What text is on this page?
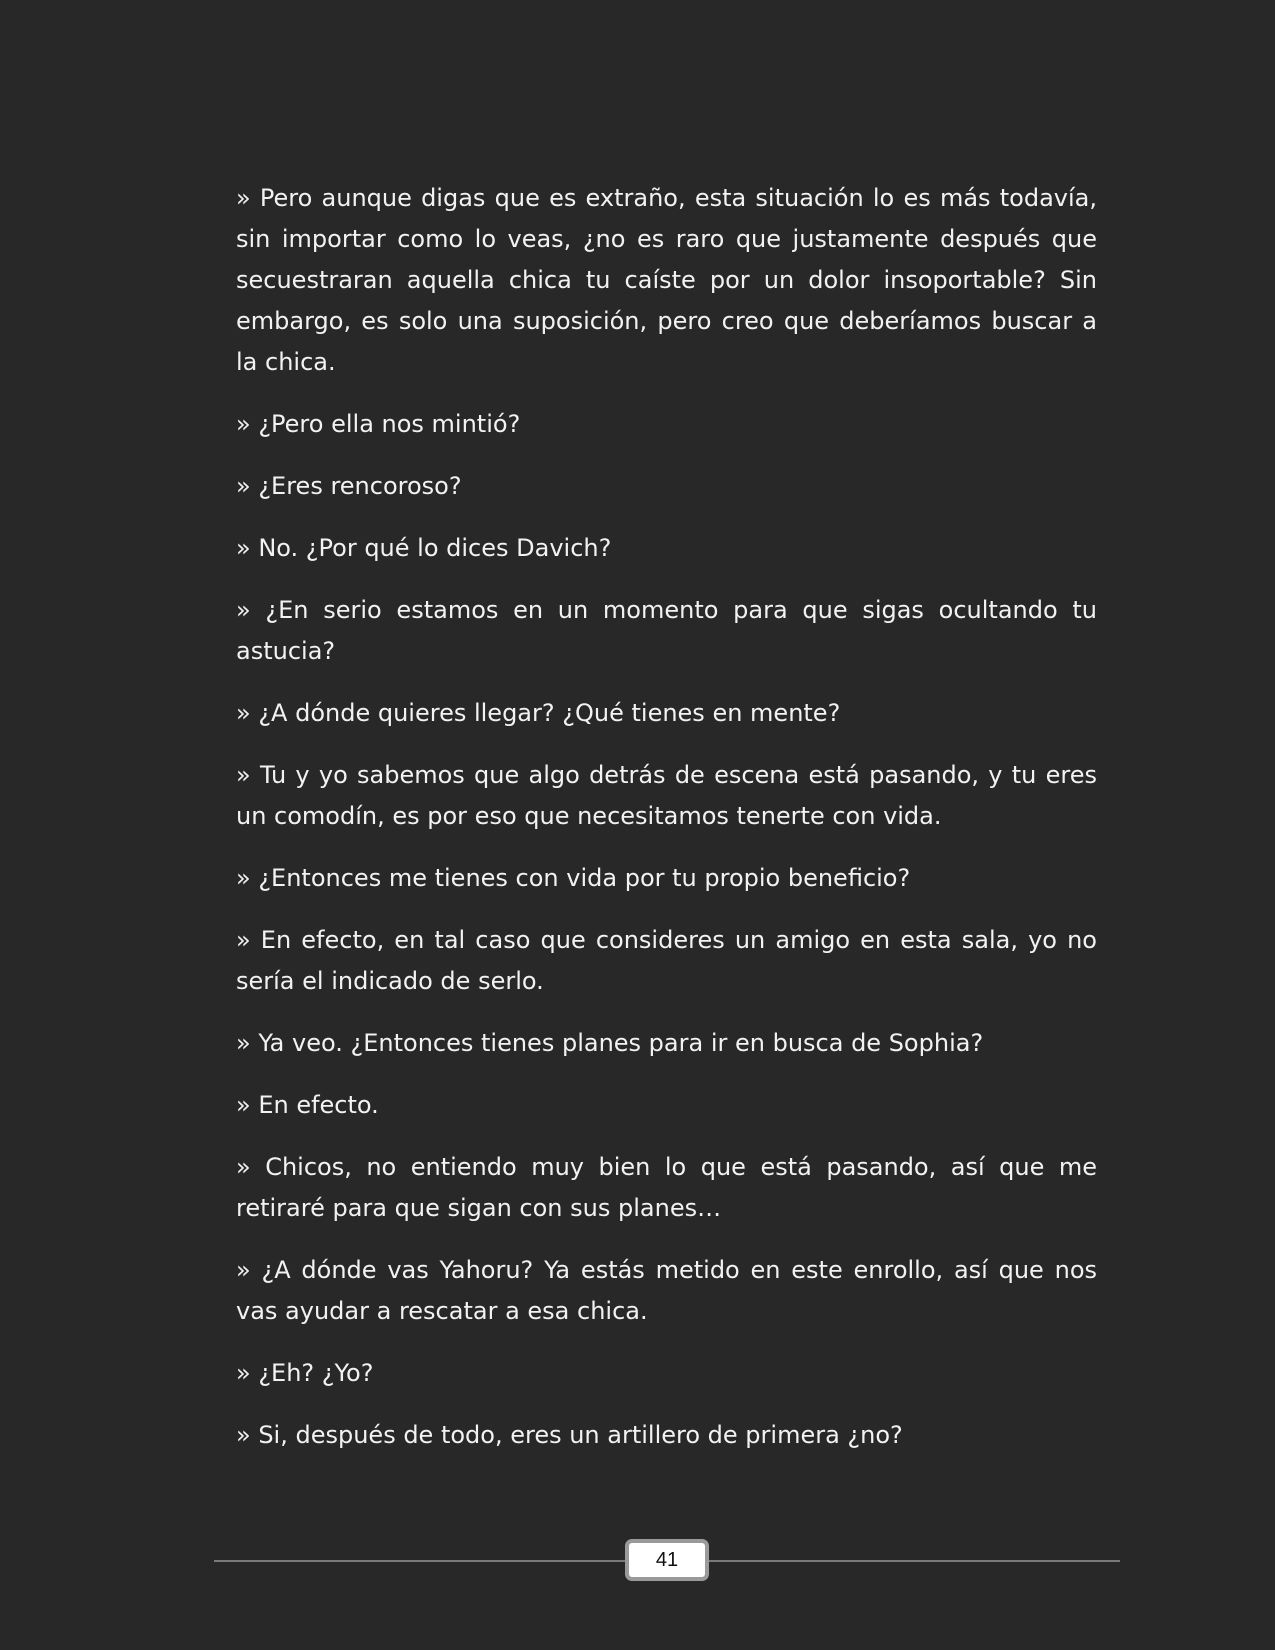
» Pero aunque digas que es extraño, esta situación lo es más todavía, sin importar como lo veas, ¿no es raro que justamente después que secuestraran aquella chica tu caíste por un dolor insoportable? Sin embargo, es solo una suposición, pero creo que deberíamos buscar a la chica.

» ¿Pero ella nos mintió?

» ¿Eres rencoroso?

» No. ¿Por qué lo dices Davich?

» ¿En serio estamos en un momento para que sigas ocultando tu astucia?

» ¿A dónde quieres llegar? ¿Qué tienes en mente?

» Tu y yo sabemos que algo detrás de escena está pasando, y tu eres un comodín, es por eso que necesitamos tenerte con vida.

» ¿Entonces me tienes con vida por tu propio beneficio?

» En efecto, en tal caso que consideres un amigo en esta sala, yo no sería el indicado de serlo.

» Ya veo. ¿Entonces tienes planes para ir en busca de Sophia?

» En efecto.

» Chicos, no entiendo muy bien lo que está pasando, así que me retiraré para que sigan con sus planes…

» ¿A dónde vas Yahoru? Ya estás metido en este enrollo, así que nos vas ayudar a rescatar a esa chica.

» ¿Eh? ¿Yo?

» Si, después de todo, eres un artillero de primera ¿no?

41
